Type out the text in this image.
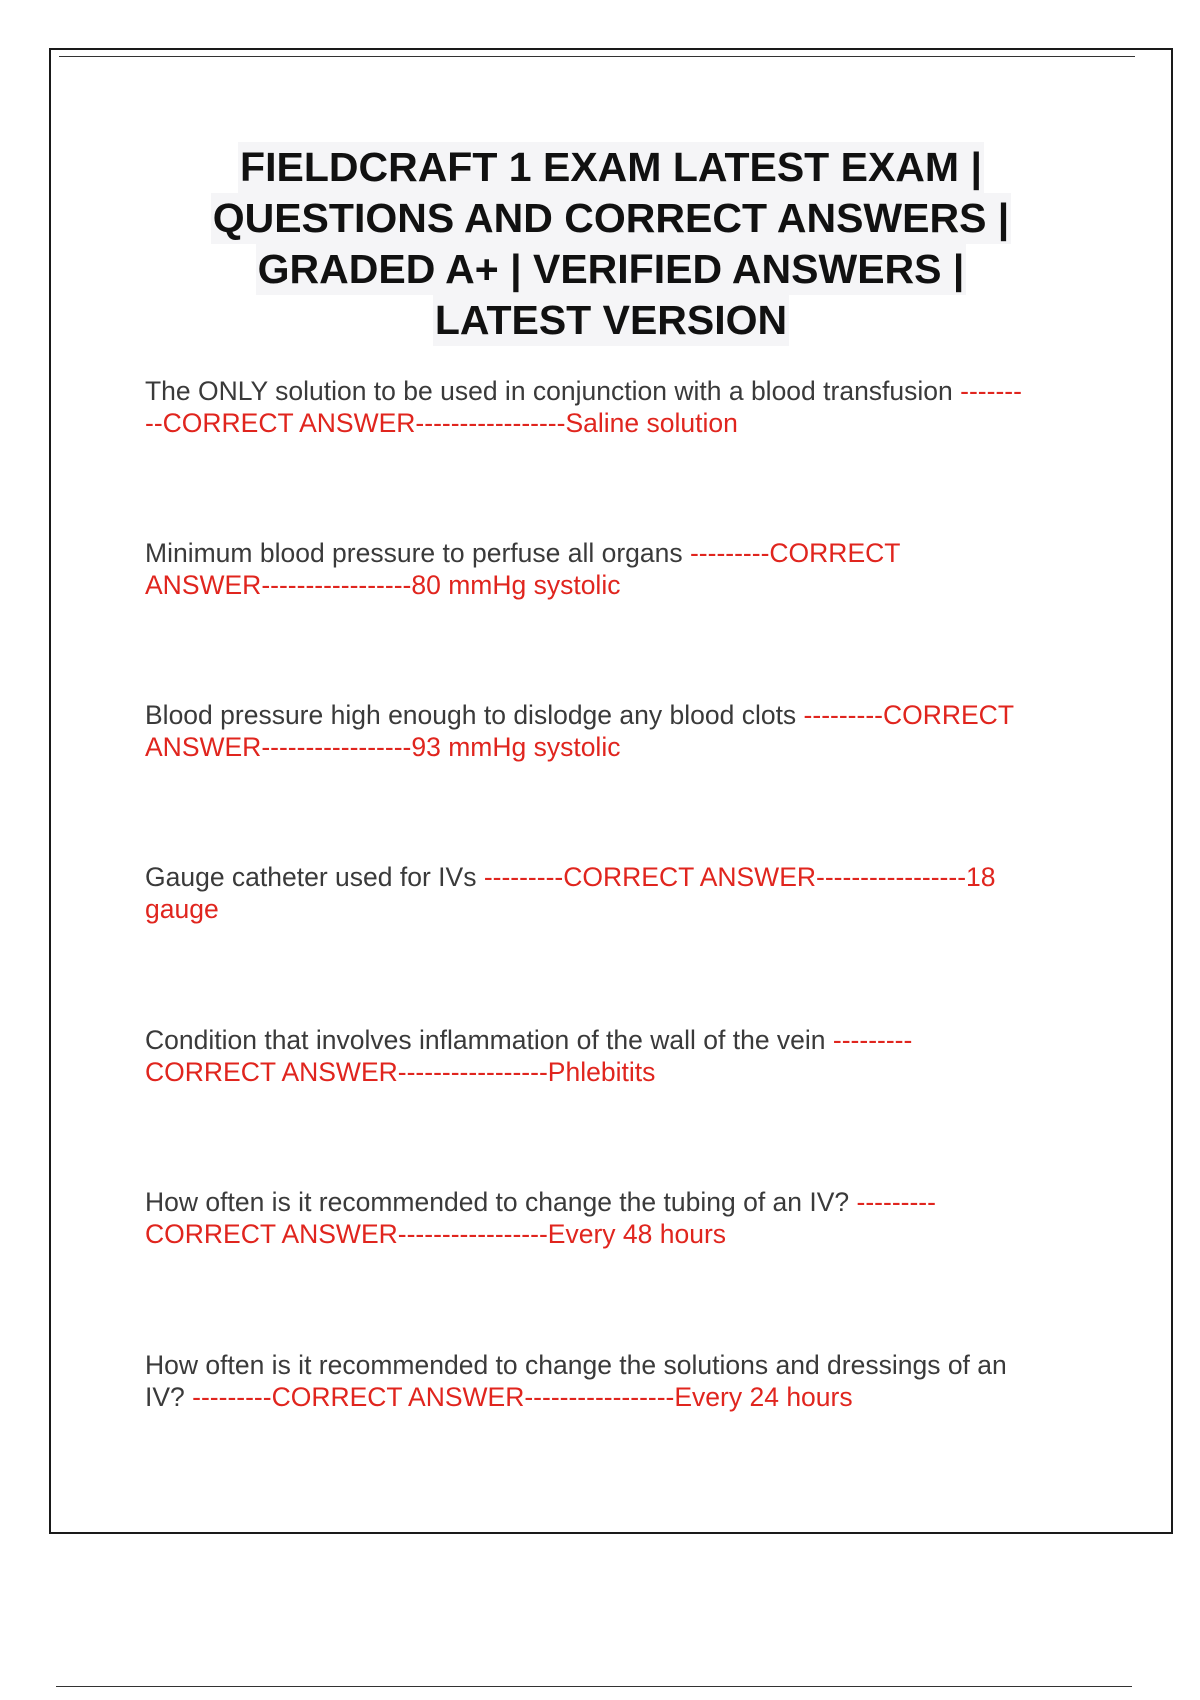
FIELDCRAFT 1 EXAM LATEST EXAM |
QUESTIONS AND CORRECT ANSWERS |
GRADED A+ | VERIFIED ANSWERS |
LATEST VERSION
The ONLY solution to be used in conjunction with a blood transfusion -------
--CORRECT ANSWER-----------------Saline solution
Minimum blood pressure to perfuse all organs ---------CORRECT
ANSWER-----------------80 mmHg systolic
Blood pressure high enough to dislodge any blood clots ---------CORRECT
ANSWER-----------------93 mmHg systolic
Gauge catheter used for IVs ---------CORRECT ANSWER-----------------18
gauge
Condition that involves inflammation of the wall of the vein ---------
CORRECT ANSWER-----------------Phlebitits
How often is it recommended to change the tubing of an IV? ---------
CORRECT ANSWER-----------------Every 48 hours
How often is it recommended to change the solutions and dressings of an
IV? ---------CORRECT ANSWER-----------------Every 24 hours
